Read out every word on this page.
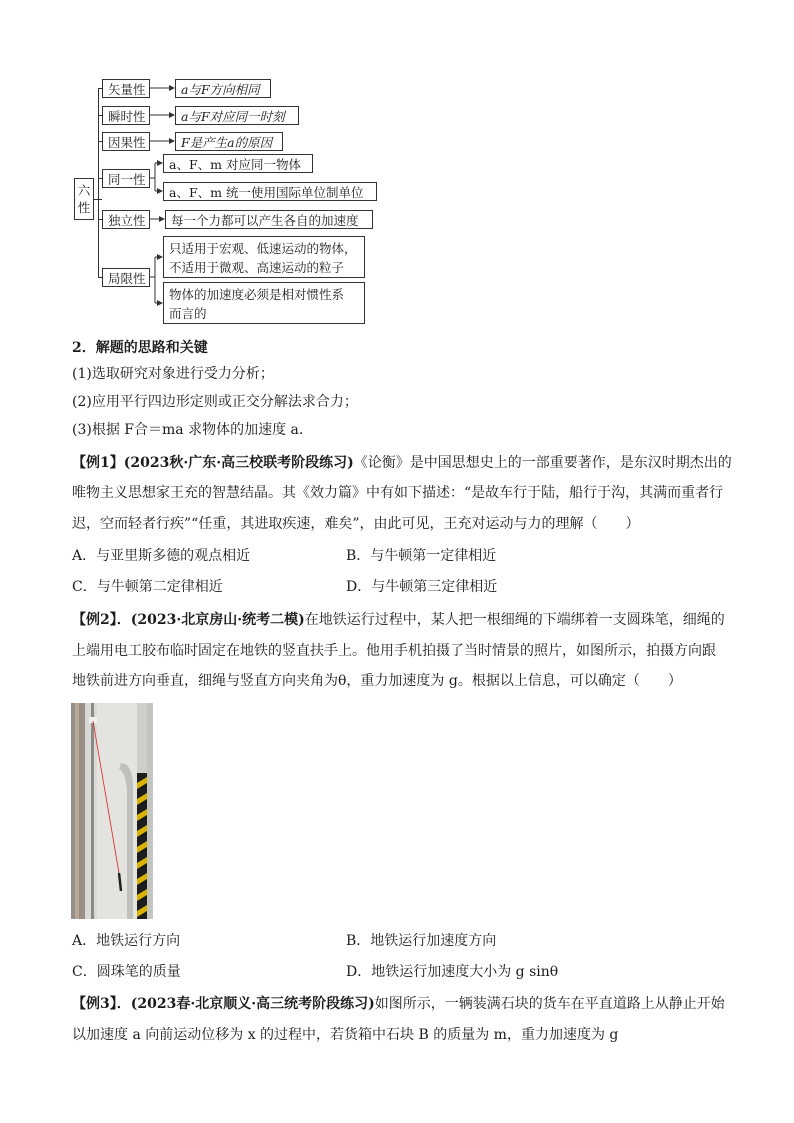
六
性
矢量性
瞬时性
因果性
同一性
独立性
局限性
a与F方向相同
a与F对应同一时刻
F是产生a的原因
a、F、m 对应同一物体
a、F、m 统一使用国际单位制单位
每一个力都可以产生各自的加速度
只适用于宏观、低速运动的物体，
不适用于微观、高速运动的粒子
物体的加速度必须是相对惯性系
而言的
2．解题的思路和关键
(1)选取研究对象进行受力分析；
(2)应用平行四边形定则或正交分解法求合力；
(3)根据 F合＝ma 求物体的加速度 a.
【例1】(2023秋·广东·高三校联考阶段练习)《论衡》是中国思想史上的一部重要著作，是东汉时期杰出的
唯物主义思想家王充的智慧结晶。其《效力篇》中有如下描述：“是故车行于陆，船行于沟，其满而重者行
迟，空而轻者行疾”“任重，其进取疾速，难矣”，由此可见，王充对运动与力的理解（　　）
A．与亚里斯多德的观点相近	B．与牛顿第一定律相近
C．与牛顿第二定律相近	D．与牛顿第三定律相近
【例2】．(2023·北京房山·统考二模)在地铁运行过程中，某人把一根细绳的下端绑着一支圆珠笔，细绳的
上端用电工胶布临时固定在地铁的竖直扶手上。他用手机拍摄了当时情景的照片，如图所示，拍摄方向跟
地铁前进方向垂直，细绳与竖直方向夹角为θ，重力加速度为 g。根据以上信息，可以确定（　　）
A．地铁运行方向	B．地铁运行加速度方向
C．圆珠笔的质量	D．地铁运行加速度大小为 g sinθ
【例3】．(2023春·北京顺义·高三统考阶段练习)如图所示，一辆装满石块的货车在平直道路上从静止开始
以加速度 a 向前运动位移为 x 的过程中，若货箱中石块 B 的质量为 m，重力加速度为 g
